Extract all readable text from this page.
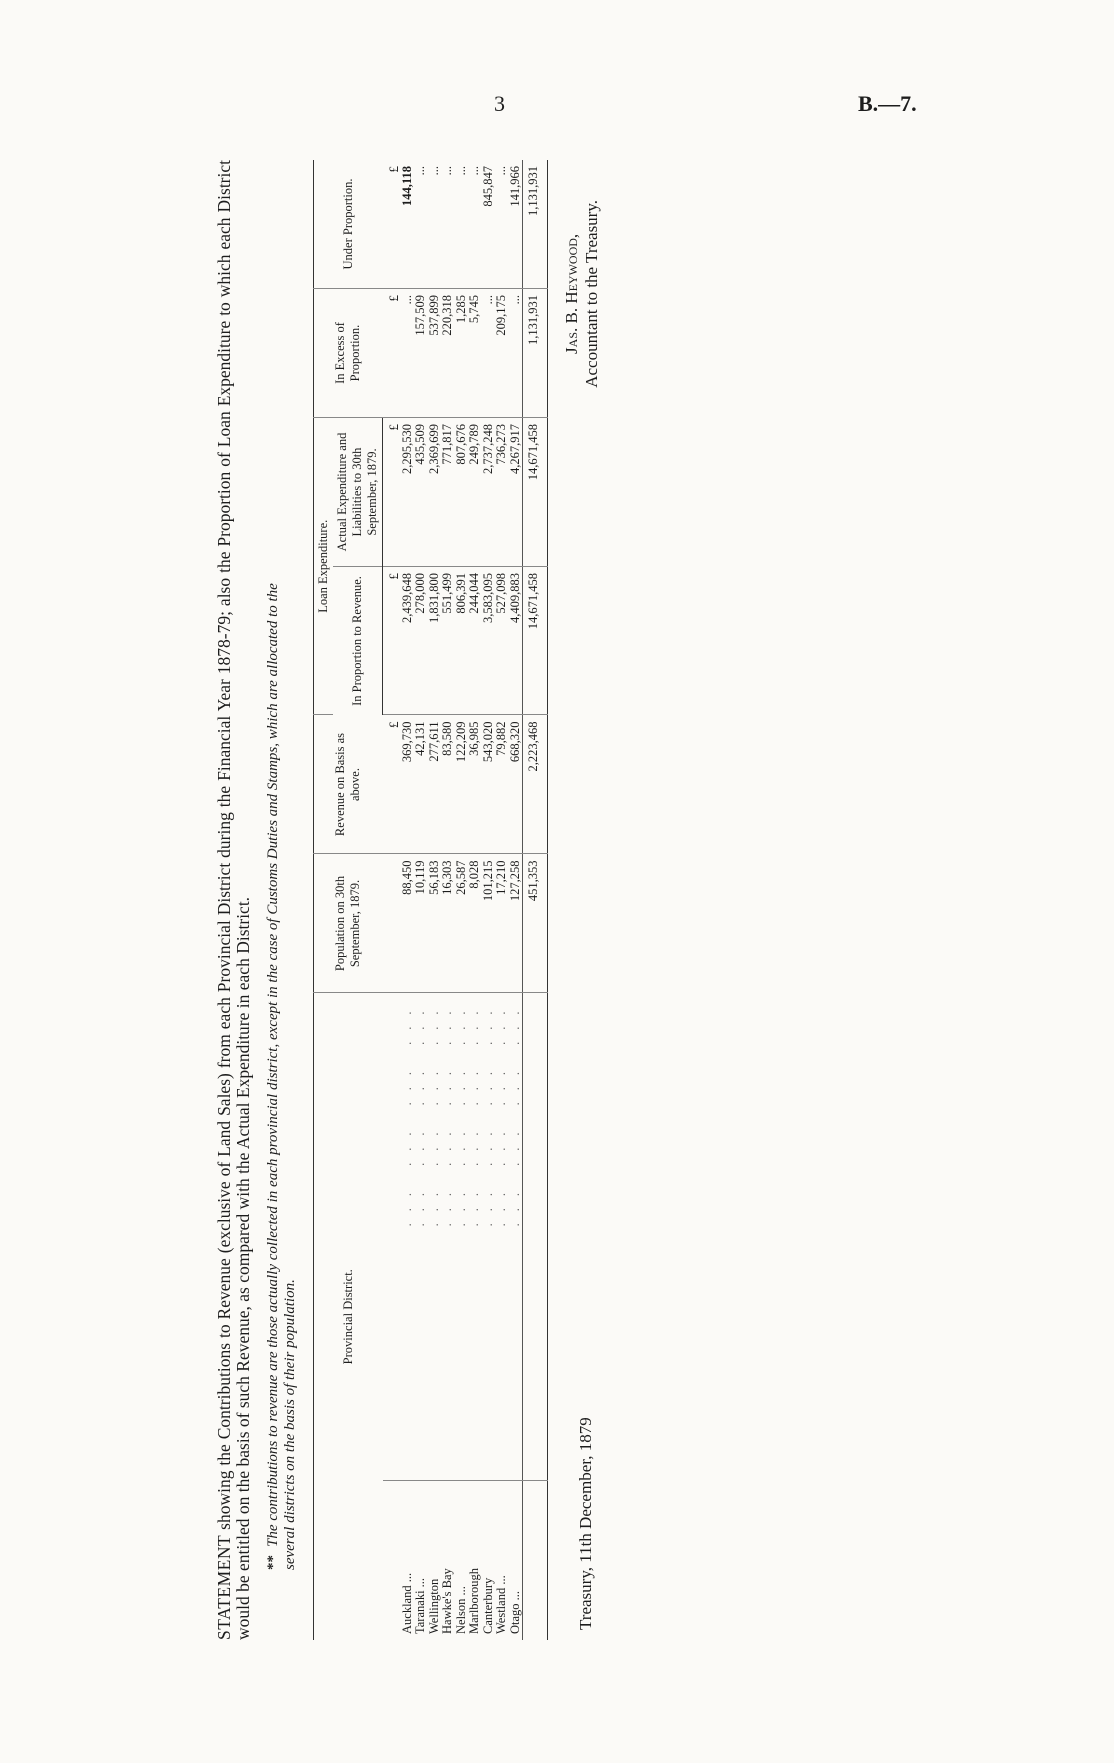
3	B.—7.

STATEMENT showing the Contributions to Revenue (exclusive of Land Sales) from each Provincial District during the Financial Year 1878-79; also the Proportion of Loan Expenditure to which each District would be entitled on the basis of such Revenue, as compared with the Actual Expenditure in each District. **The contributions to revenue are those actually collected in each provincial district, except in the case of Customs Duties and Stamps, which are allocated to the several districts on the basis of their population.	Provincial District.		Population on 30th September, 1879.	Revenue on Basis as above.	Loan Expenditure.		In Excess of Proportion.	Under Proportion.
				In Proportion to Revenue.	Actual Expenditure and Liabilities to 30th September, 1879.		
			£	£	£	£	£
Auckland ...	... ... ... ...	88,450	369,730	2,439,648	2,295,530	...	144,118
Taranaki ...	... ... ... ...	10,119	42,131	278,000	435,509	157,509	...
Wellington	... ... ... ...	56,183	277,611	1,831,800	2,369,699	537,899	...
Hawke's Bay	... ... ... ...	16,303	83,580	551,499	771,817	220,318	...
Nelson ...	... ... ... ...	26,587	122,209	806,391	807,676	1,285	...
Marlborough	... ... ... ...	8,028	36,985	244,044	249,789	5,745	...
Canterbury	... ... ... ...	101,215	543,020	3,583,095	2,737,248	...	845,847
Westland ...	... ... ... ...	17,210	79,882	527,098	736,273	209,175	...
Otago ...	... ... ... ...	127,258	668,320	4,409,883	4,267,917	...	141,966
		451,353	2,223,468	14,671,458	14,671,458	1,131,931	1,131,931
Treasury, 11th December, 1879
Jas. B. Heywood, Accountant to the Treasury.
